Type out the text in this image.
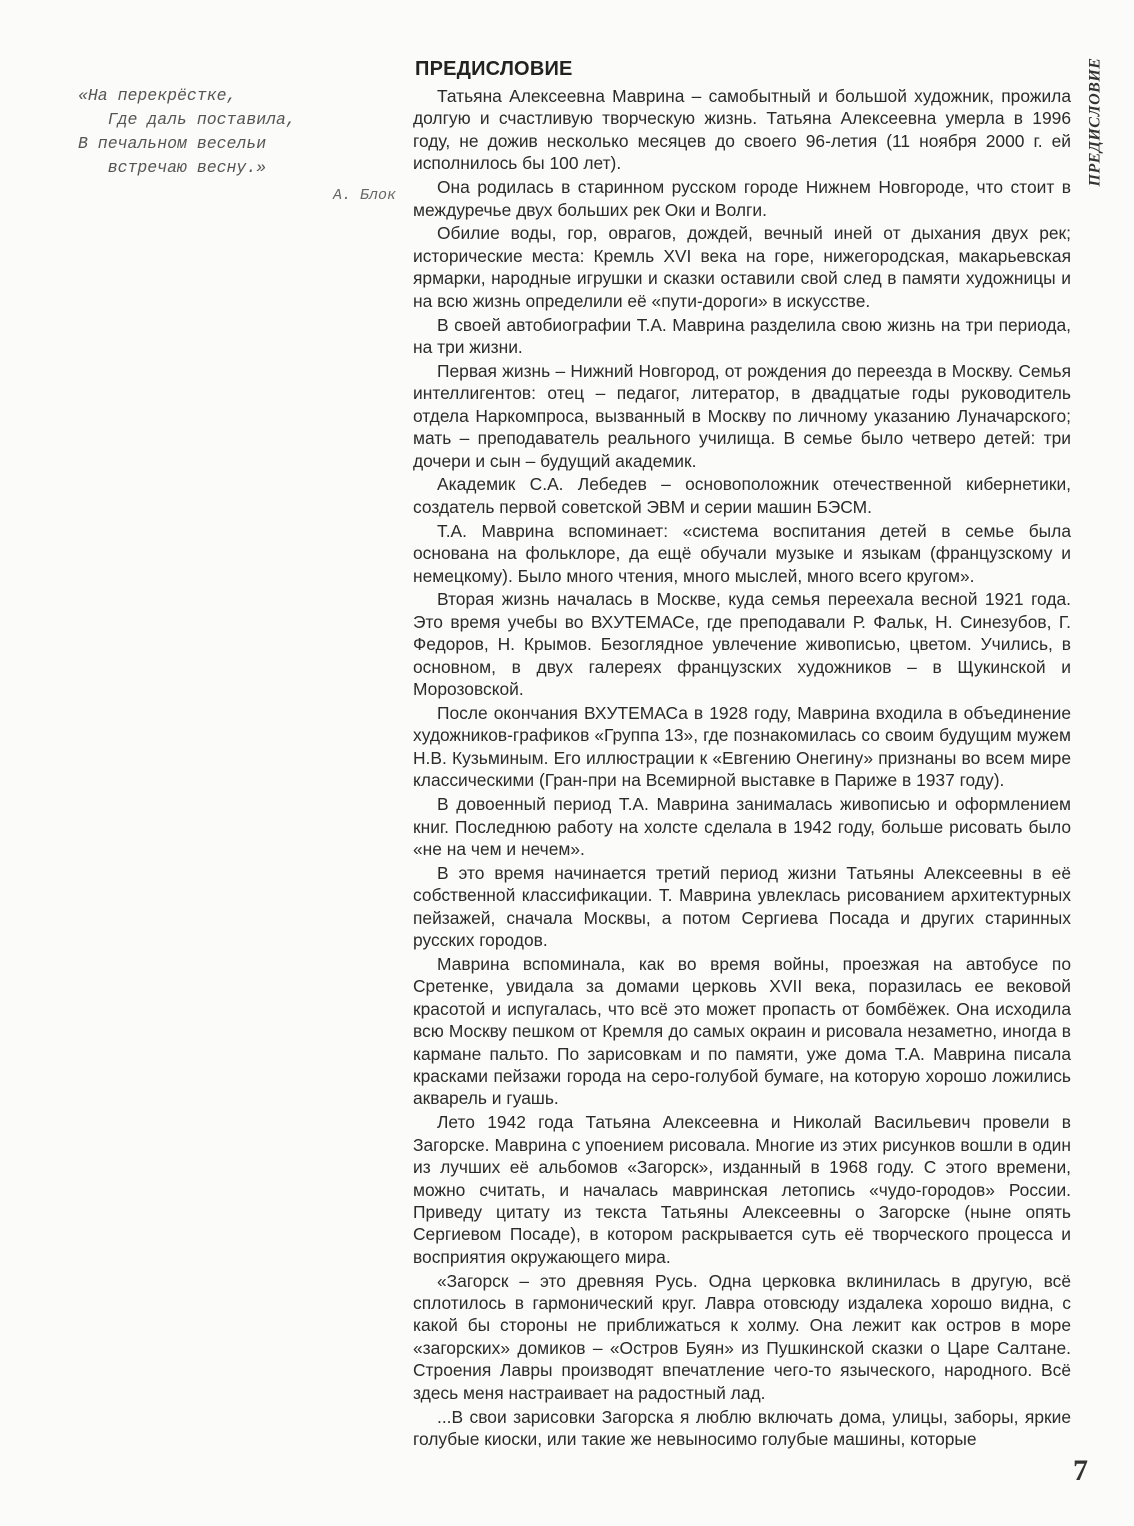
«На перекрёстке,
Где даль поставила,
В печальном весельи
встречаю весну.»
А. Блок
ПРЕДИСЛОВИЕ	ПРЕДИСЛОВИЕ

Татьяна Алексеевна Маврина – самобытный и большой художник, прожила долгую и счастливую творческую жизнь. Татьяна Алексеевна умерла в 1996 году, не дожив несколько месяцев до своего 96-летия (11 ноября 2000 г. ей исполнилось бы 100 лет).

Она родилась в старинном русском городе Нижнем Новгороде, что стоит в междуречье двух больших рек Оки и Волги.

Обилие воды, гор, оврагов, дождей, вечный иней от дыхания двух рек; исторические места: Кремль XVI века на горе, нижегородская, макарьевская ярмарки, народные игрушки и сказки оставили свой след в памяти художницы и на всю жизнь определили её «пути-дороги» в искусстве.

В своей автобиографии Т.А. Маврина разделила свою жизнь на три периода, на три жизни.

Первая жизнь – Нижний Новгород, от рождения до переезда в Москву. Семья интеллигентов: отец – педагог, литератор, в двадцатые годы руководитель отдела Наркомпроса, вызванный в Москву по личному указанию Луначарского; мать – преподаватель реального училища. В семье было четверо детей: три дочери и сын – будущий академик.

Академик С.А. Лебедев – основоположник отечественной кибернетики, создатель первой советской ЭВМ и серии машин БЭСМ.

Т.А. Маврина вспоминает: «система воспитания детей в семье была основана на фольклоре, да ещё обучали музыке и языкам (французскому и немецкому). Было много чтения, много мыслей, много всего кругом».

Вторая жизнь началась в Москве, куда семья переехала весной 1921 года. Это время учебы во ВХУТЕМАСе, где преподавали Р. Фальк, Н. Синезубов, Г. Федоров, Н. Крымов. Безоглядное увлечение живописью, цветом. Учились, в основном, в двух галереях французских художников – в Щукинской и Морозовской.

После окончания ВХУТЕМАСа в 1928 году, Маврина входила в объединение художников-графиков «Группа 13», где познакомилась со своим будущим мужем Н.В. Кузьминым. Его иллюстрации к «Евгению Онегину» признаны во всем мире классическими (Гран-при на Всемирной выставке в Париже в 1937 году).

В довоенный период Т.А. Маврина занималась живописью и оформлением книг. Последнюю работу на холсте сделала в 1942 году, больше рисовать было «не на чем и нечем».

В это время начинается третий период жизни Татьяны Алексеевны в её собственной классификации. Т. Маврина увлеклась рисованием архитектурных пейзажей, сначала Москвы, а потом Сергиева Посада и других старинных русских городов.

Маврина вспоминала, как во время войны, проезжая на автобусе по Сретенке, увидала за домами церковь XVII века, поразилась ее вековой красотой и испугалась, что всё это может пропасть от бомбёжек. Она исходила всю Москву пешком от Кремля до самых окраин и рисовала незаметно, иногда в кармане пальто. По зарисовкам и по памяти, уже дома Т.А. Маврина писала красками пейзажи города на серо-голубой бумаге, на которую хорошо ложились акварель и гуашь.

Лето 1942 года Татьяна Алексеевна и Николай Васильевич провели в Загорске. Маврина с упоением рисовала. Многие из этих рисунков вошли в один из лучших её альбомов «Загорск», изданный в 1968 году. С этого времени, можно считать, и началась мавринская летопись «чудо-городов» России. Приведу цитату из текста Татьяны Алексеевны о Загорске (ныне опять Сергиевом Посаде), в котором раскрывается суть её творческого процесса и восприятия окружающего мира.

«Загорск – это древняя Русь. Одна церковка вклинилась в другую, всё сплотилось в гармонический круг. Лавра отовсюду издалека хорошо видна, с какой бы стороны не приближаться к холму. Она лежит как остров в море «загорских» домиков – «Остров Буян» из Пушкинской сказки о Царе Салтане. Строения Лавры производят впечатление чего-то языческого, народного. Всё здесь меня настраивает на радостный лад.

...В свои зарисовки Загорска я люблю включать дома, улицы, заборы, яркие голубые киоски, или такие же невыносимо голубые машины, которые

7
